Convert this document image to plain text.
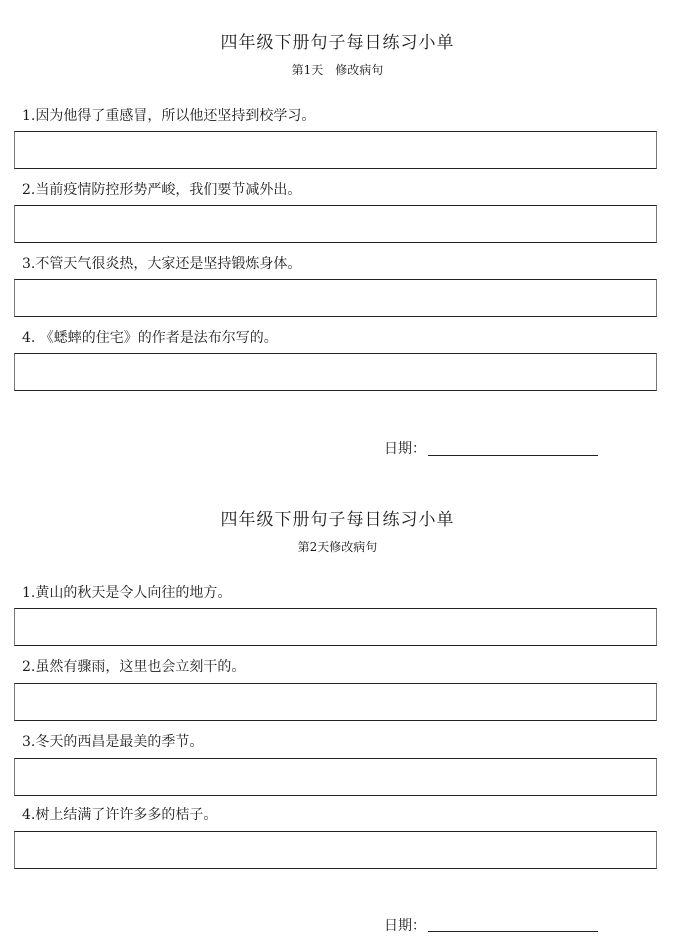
四年级下册句子每日练习小单
第1天　修改病句
1.因为他得了重感冒，所以他还坚持到校学习。
2.当前疫情防控形势严峻，我们要节减外出。
3.不管天气很炎热，大家还是坚持锻炼身体。
4. 《蟋蟀的住宅》的作者是法布尔写的。
日期：
四年级下册句子每日练习小单
第2天修改病句
1.黄山的秋天是令人向往的地方。
2.虽然有骤雨，这里也会立刻干的。
3.冬天的西昌是最美的季节。
4.树上结满了许许多多的桔子。
日期：
